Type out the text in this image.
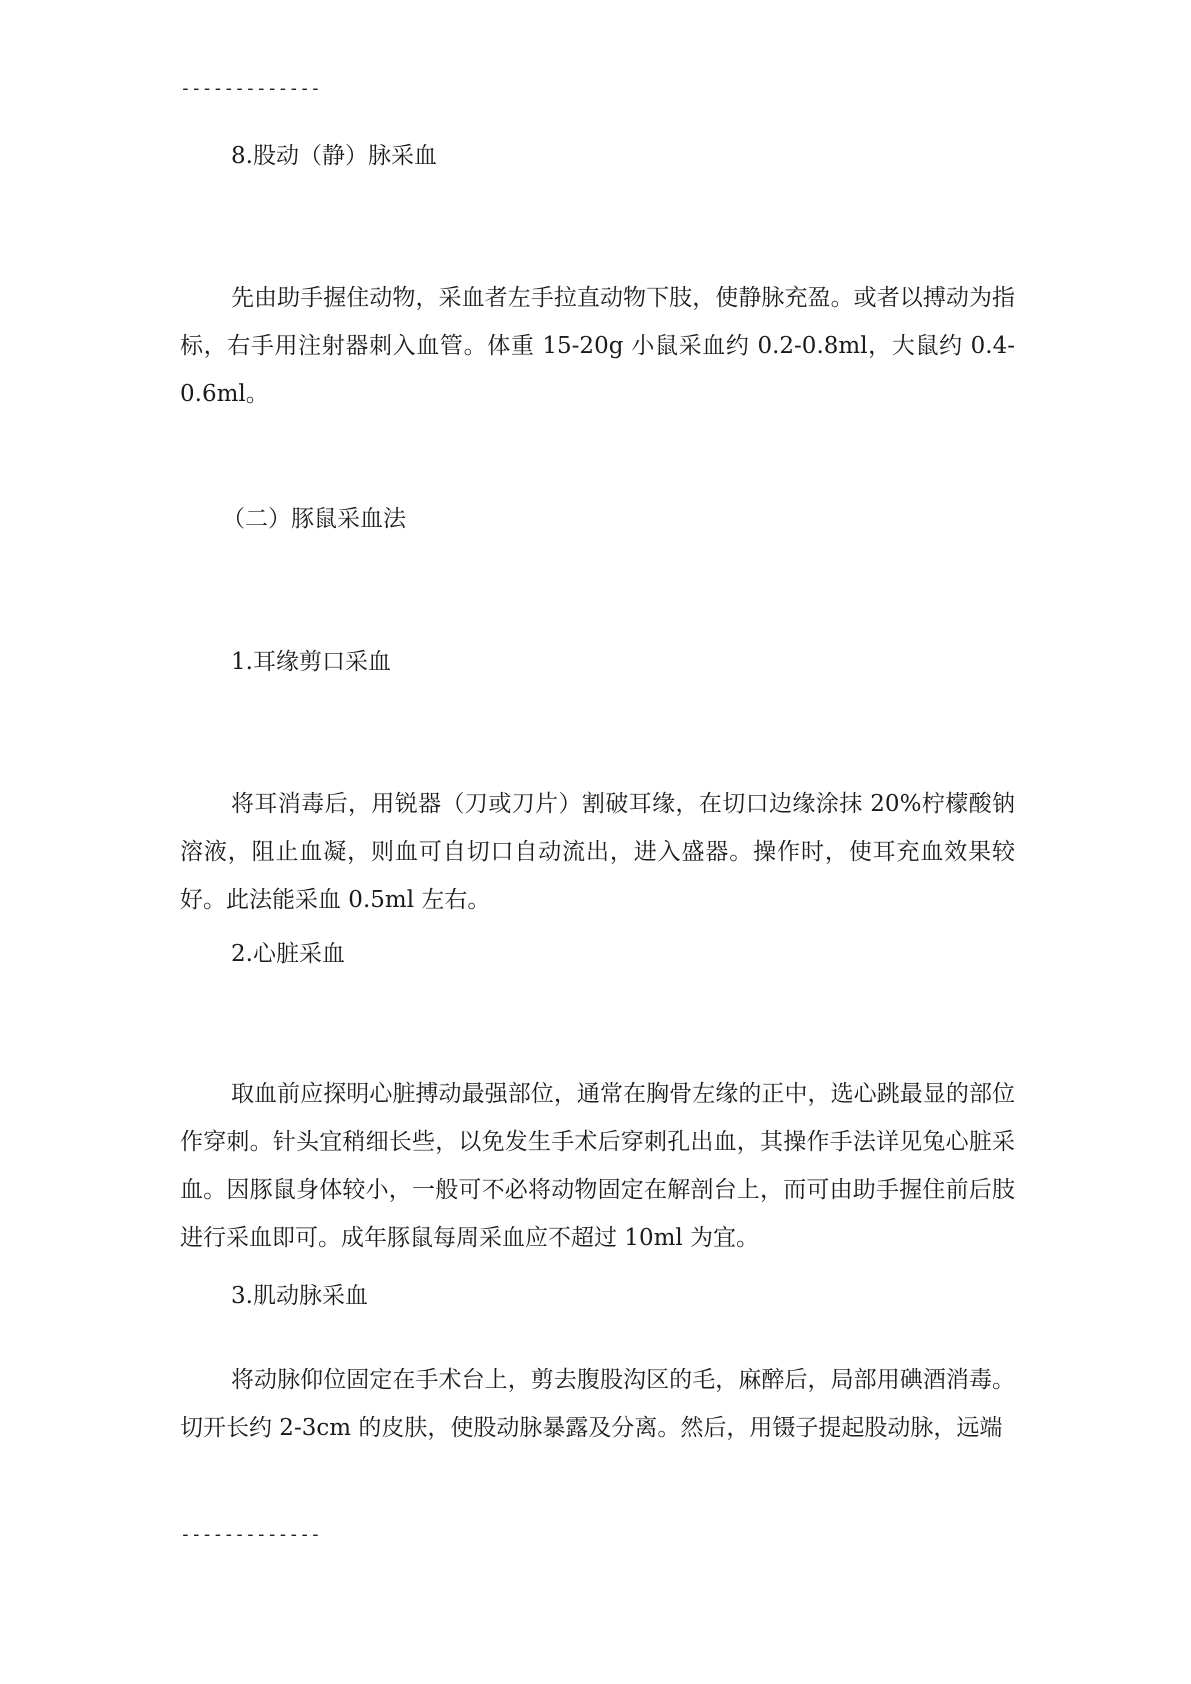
-------------
8.股动（静）脉采血
先由助手握住动物，采血者左手拉直动物下肢，使静脉充盈。或者以搏动为指标，右手用注射器刺入血管。体重 15-20g 小鼠采血约 0.2-0.8ml，大鼠约 0.4-0.6ml。
（二）豚鼠采血法
1.耳缘剪口采血
将耳消毒后，用锐器（刀或刀片）割破耳缘，在切口边缘涂抹 20%柠檬酸钠溶液，阻止血凝，则血可自切口自动流出，进入盛器。操作时，使耳充血效果较好。此法能采血 0.5ml 左右。
2.心脏采血
取血前应探明心脏搏动最强部位，通常在胸骨左缘的正中，选心跳最显的部位作穿刺。针头宜稍细长些，以免发生手术后穿刺孔出血，其操作手法详见兔心脏采血。因豚鼠身体较小，一般可不必将动物固定在解剖台上，而可由助手握住前后肢进行采血即可。成年豚鼠每周采血应不超过 10ml 为宜。
3.肌动脉采血
将动脉仰位固定在手术台上，剪去腹股沟区的毛，麻醉后，局部用碘酒消毒。切开长约 2-3cm 的皮肤，使股动脉暴露及分离。然后，用镊子提起股动脉，远端
-------------
